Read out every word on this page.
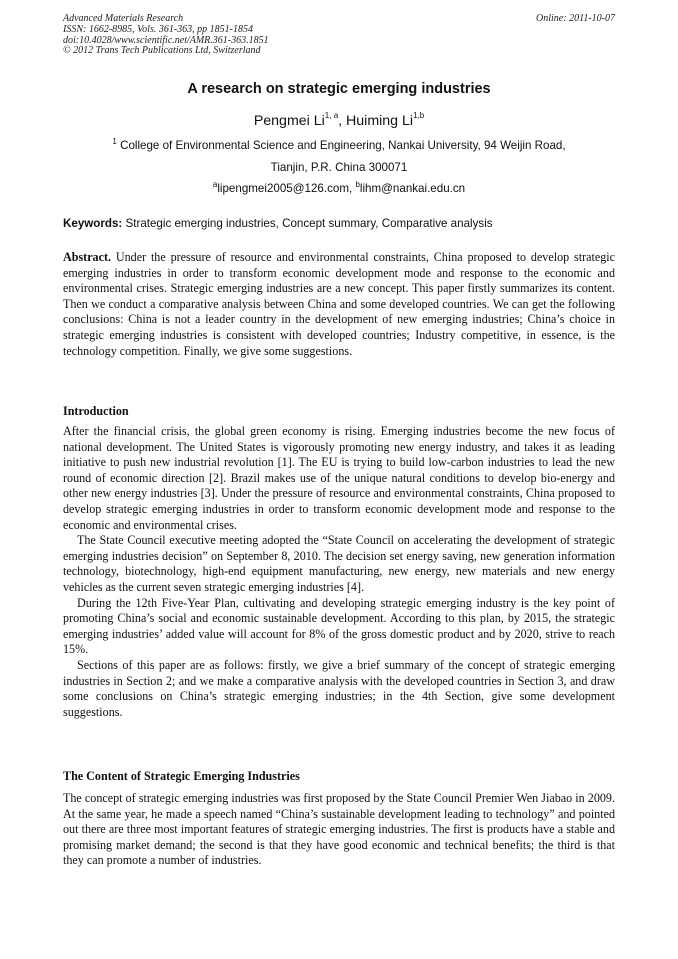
Advanced Materials Research
ISSN: 1662-8985, Vols. 361-363, pp 1851-1854
doi:10.4028/www.scientific.net/AMR.361-363.1851
© 2012 Trans Tech Publications Ltd, Switzerland
Online: 2011-10-07
A research on strategic emerging industries
Pengmei Li$^{1, a}$, Huiming Li$^{1,b}$
$^1$ College of Environmental Science and Engineering, Nankai University, 94 Weijin Road,
Tianjin, P.R. China 300071
$^a$lipengmei2005@126.com, $^b$lihm@nankai.edu.cn
Keywords: Strategic emerging industries, Concept summary, Comparative analysis

Abstract. Under the pressure of resource and environmental constraints, China proposed to develop strategic emerging industries in order to transform economic development mode and response to the economic and environmental crises. Strategic emerging industries are a new concept. This paper firstly summarizes its content. Then we conduct a comparative analysis between China and some developed countries. We can get the following conclusions: China is not a leader country in the development of new emerging industries; China’s choice in strategic emerging industries is consistent with developed countries; Industry competitive, in essence, is the technology competition. Finally, we give some suggestions.

Introduction

After the financial crisis, the global green economy is rising. Emerging industries become the new focus of national development. The United States is vigorously promoting new energy industry, and takes it as leading initiative to push new industrial revolution [1]. The EU is trying to build low-carbon industries to lead the new round of economic direction [2]. Brazil makes use of the unique natural conditions to develop bio-energy and other new energy industries [3]. Under the pressure of resource and environmental constraints, China proposed to develop strategic emerging industries in order to transform economic development mode and response to the economic and environmental crises.

The State Council executive meeting adopted the “State Council on accelerating the development of strategic emerging industries decision” on September 8, 2010. The decision set energy saving, new generation information technology, biotechnology, high-end equipment manufacturing, new energy, new materials and new energy vehicles as the current seven strategic emerging industries [4].

During the 12th Five-Year Plan, cultivating and developing strategic emerging industry is the key point of promoting China’s social and economic sustainable development. According to this plan, by 2015, the strategic emerging industries’ added value will account for 8% of the gross domestic product and by 2020, strive to reach 15%.

Sections of this paper are as follows: firstly, we give a brief summary of the concept of strategic emerging industries in Section 2; and we make a comparative analysis with the developed countries in Section 3, and draw some conclusions on China’s strategic emerging industries; in the 4th Section, give some development suggestions.

The Content of Strategic Emerging Industries

The concept of strategic emerging industries was first proposed by the State Council Premier Wen Jiabao in 2009. At the same year, he made a speech named “China’s sustainable development leading to technology” and pointed out there are three most important features of strategic emerging industries. The first is products have a stable and promising market demand; the second is that they have good economic and technical benefits; the third is that they can promote a number of industries.
